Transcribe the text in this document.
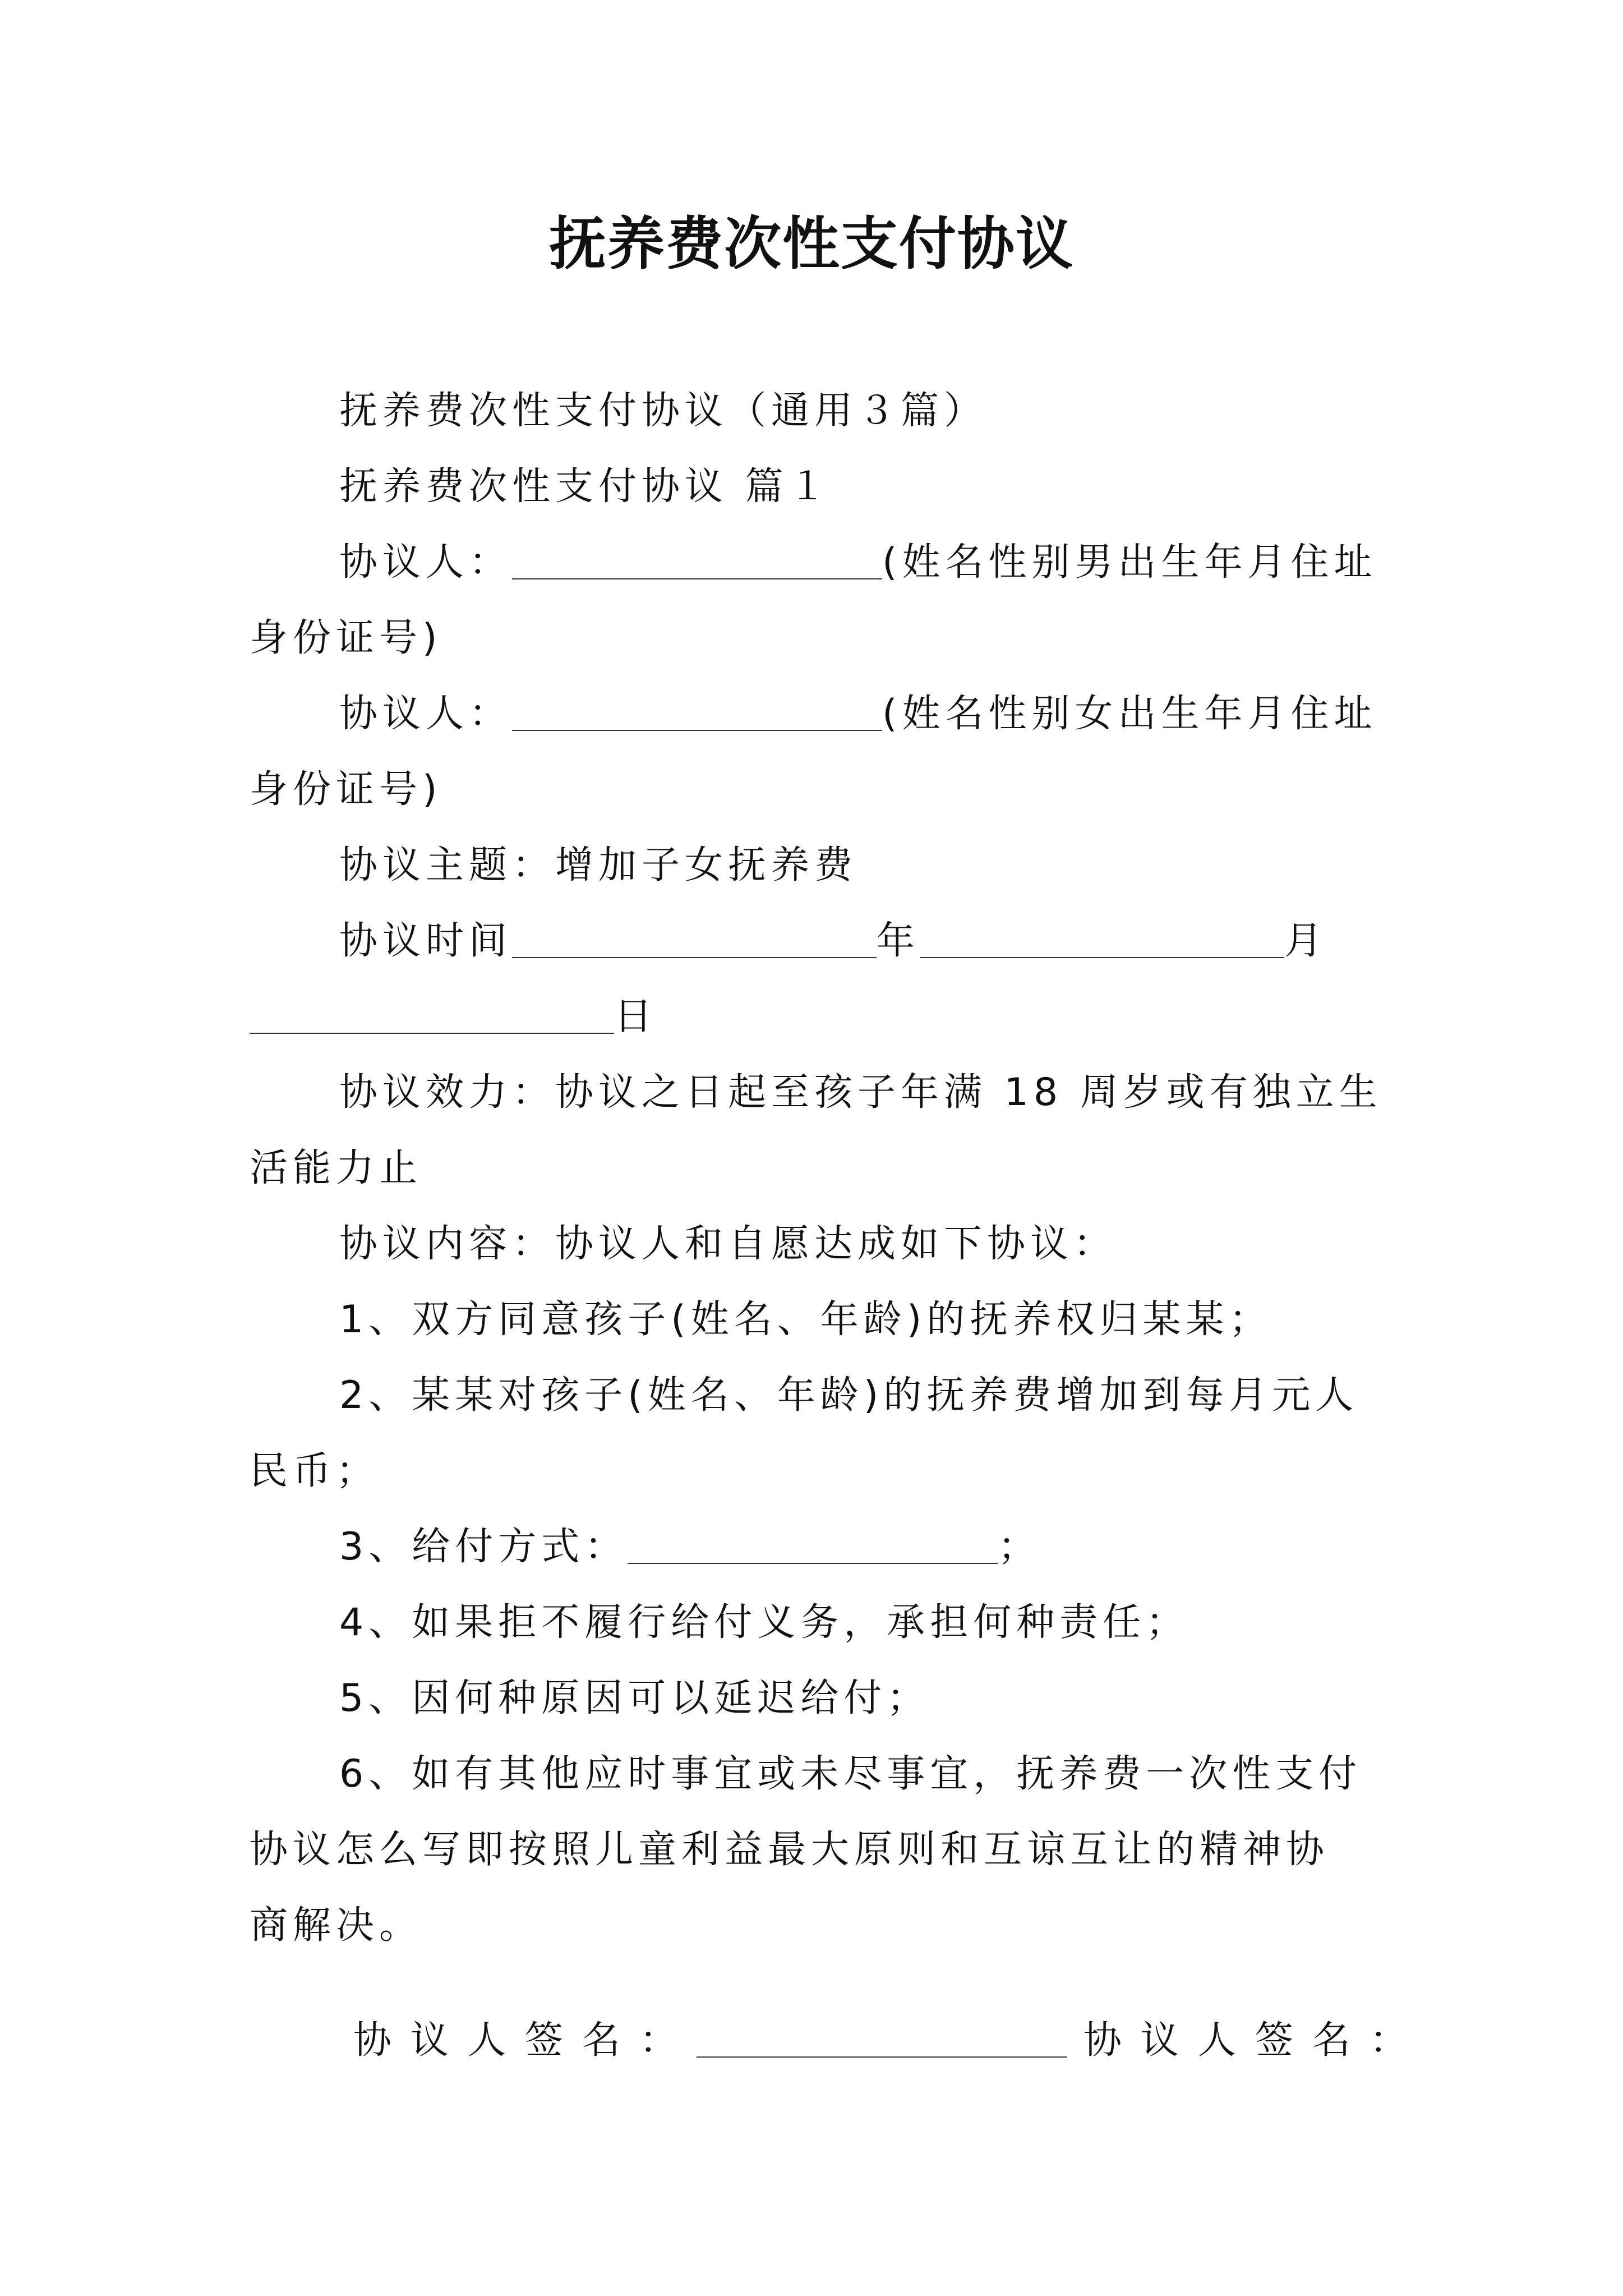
抚养费次性支付协议
抚养费次性支付协议（通用３篇）
抚养费次性支付协议 篇１
协议人：	(姓名性别男出生年月住址
身份证号)
协议人：	(姓名性别女出生年月住址
身份证号)
协议主题：增加子女抚养费
协议时间	年	月
日
协议效力：协议之日起至孩子年满 18 周岁或有独立生
活能力止
协议内容：协议人和自愿达成如下协议：
1、双方同意孩子(姓名、年龄)的抚养权归某某；
2、某某对孩子(姓名、年龄)的抚养费增加到每月元人
民币；
3、给付方式：	；
4、如果拒不履行给付义务，承担何种责任；
5、因何种原因可以延迟给付；
6、如有其他应时事宜或未尽事宜，抚养费一次性支付
协议怎么写即按照儿童利益最大原则和互谅互让的精神协
商解决。
协议人签名：	协议人签名：
